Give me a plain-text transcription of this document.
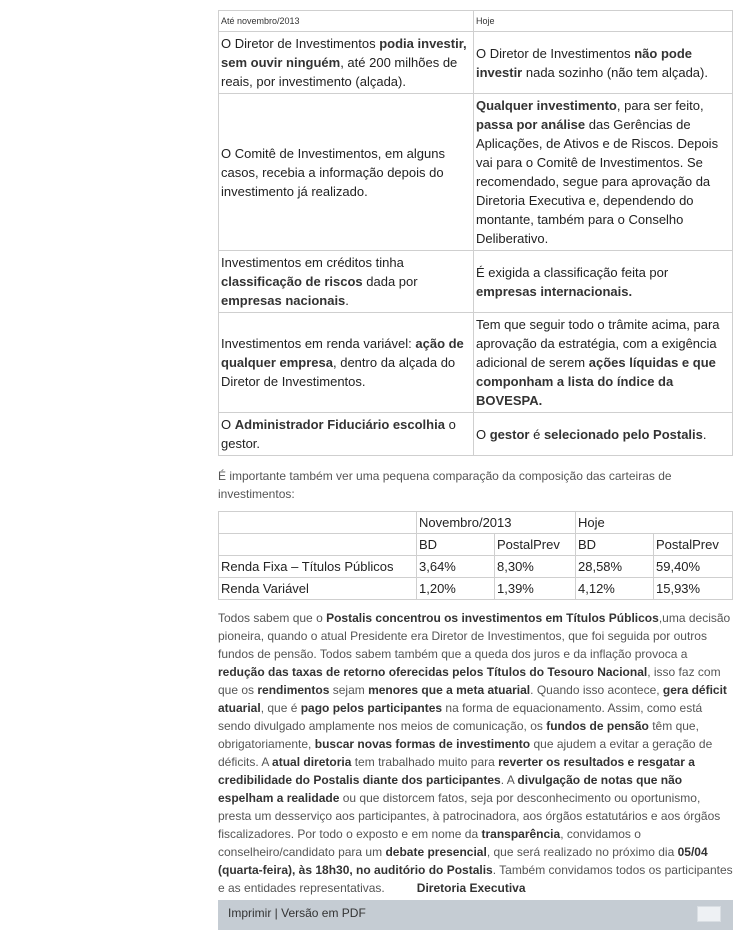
Até novembro/2013	Hoje
O Diretor de Investimentos podia investir, sem ouvir ninguém, até 200 milhões de reais, por investimento (alçada).	O Diretor de Investimentos não pode investir nada sozinho (não tem alçada).
O Comitê de Investimentos, em alguns casos, recebia a informação depois do investimento já realizado.	Qualquer investimento, para ser feito, passa por análise das Gerências de Aplicações, de Ativos e de Riscos. Depois vai para o Comitê de Investimentos. Se recomendado, segue para aprovação da Diretoria Executiva e, dependendo do montante, também para o Conselho Deliberativo.
Investimentos em créditos tinha classificação de riscos dada por empresas nacionais.	É exigida a classificação feita por empresas internacionais.
Investimentos em renda variável: ação de qualquer empresa, dentro da alçada do Diretor de Investimentos.	Tem que seguir todo o trâmite acima, para aprovação da estratégia, com a exigência adicional de serem ações líquidas e que componham a lista do índice da BOVESPA.
O Administrador Fiduciário escolhia o gestor.	O gestor é selecionado pelo Postalis.
É importante também ver uma pequena comparação da composição das carteiras de investimentos:
	Novembro/2013		Hoje	
	BD	PostalPrev	BD	PostalPrev
Renda Fixa – Títulos Públicos	3,64%	8,30%	28,58%	59,40%
Renda Variável	1,20%	1,39%	4,12%	15,93%
Todos sabem que o Postalis concentrou os investimentos em Títulos Públicos,uma decisão pioneira, quando o atual Presidente era Diretor de Investimentos, que foi seguida por outros fundos de pensão. Todos sabem também que a queda dos juros e da inflação provoca a redução das taxas de retorno oferecidas pelos Títulos do Tesouro Nacional, isso faz com que os rendimentos sejam menores que a meta atuarial. Quando isso acontece, gera déficit atuarial, que é pago pelos participantes na forma de equacionamento. Assim, como está sendo divulgado amplamente nos meios de comunicação, os fundos de pensão têm que, obrigatoriamente, buscar novas formas de investimento que ajudem a evitar a geração de déficits. A atual diretoria tem trabalhado muito para reverter os resultados e resgatar a credibilidade do Postalis diante dos participantes. A divulgação de notas que não espelham a realidade ou que distorcem fatos, seja por desconhecimento ou oportunismo, presta um desserviço aos participantes, à patrocinadora, aos órgãos estatutários e aos órgãos fiscalizadores. Por todo o exposto e em nome da transparência, convidamos o conselheiro/candidato para um debate presencial, que será realizado no próximo dia 05/04 (quarta-feira), às 18h30, no auditório do Postalis. Também convidamos todos os participantes e as entidades representativas.	Diretoria Executiva
Imprimir | Versão em PDF
